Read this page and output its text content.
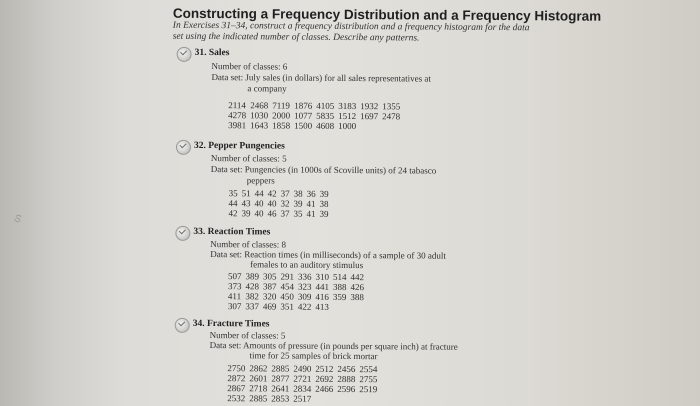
Constructing a Frequency Distribution and a Frequency Histogram
In Exercises 31–34, construct a frequency distribution and a frequency histogram for the data set using the indicated number of classes. Describe any patterns.
ಽ
31. Sales
Number of classes: 6
Data set: July sales (in dollars) for all sales representatives at
a company
2114	2468	7119	1876	4105	3183	1932	1355
4278	1030	2000	1077	5835	1512	1697	2478
3981	1643	1858	1500	4608	1000		
32. Pepper Pungencies
Number of classes: 5
Data set: Pungencies (in 1000s of Scoville units) of 24 tabasco
peppers
35	51	44	42	37	38	36	39
44	43	40	40	32	39	41	38
42	39	40	46	37	35	41	39
33. Reaction Times
Number of classes: 8
Data set: Reaction times (in milliseconds) of a sample of 30 adult
females to an auditory stimulus
507	389	305	291	336	310	514	442
373	428	387	454	323	441	388	426
411	382	320	450	309	416	359	388
307	337	469	351	422	413		
34. Fracture Times
Number of classes: 5
Data set: Amounts of pressure (in pounds per square inch) at fracture
time for 25 samples of brick mortar
2750	2862	2885	2490	2512	2456	2554
2872	2601	2877	2721	2692	2888	2755
2867	2718	2641	2834	2466	2596	2519
2532	2885	2853	2517			
